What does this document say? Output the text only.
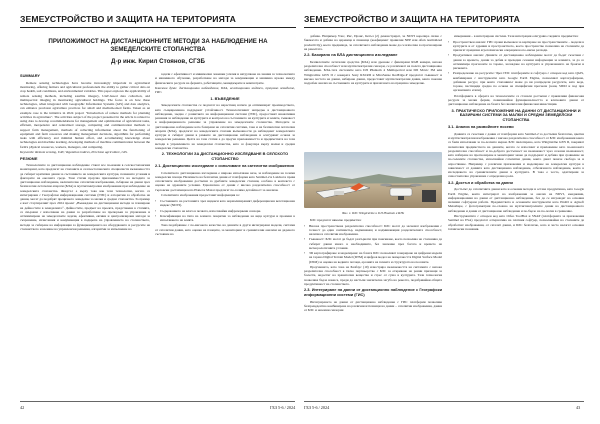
ЗЕМЕУСТРОЙСТВО И ЗАЩИТА НА ТЕРИТОРИЯТА
ПРИЛОЖИМОСТ НА ДИСТАНЦИОННИТЕ МЕТОДИ ЗА НАБЛЮДЕНИЕ НА
ЗЕМЕДЕЛСКИТЕ СТОПАНСТВА
Д-р инж. Кирил Стоянов, СГЗБ
SUMMARY

Remote sensing technologies have become increasingly important in agricultural monitoring, offering farmers and agricultural professionals the ability to gather critical data on crop health, soil conditions, and environmental variables. This paper explores the applicability of remote sensing methods, including satellite imagery, UAV-based data collection, and multispectral imaging in monitoring agricultural holdings. The focus is on how these technologies, when integrated with Geographic Information Systems (GIS) and data analytics, can enhance precision agriculture practices for small and medium-sized farms. Taken as an example case is the initiative in 2024 project "Introduction of remote methods for planning activities in agriculture". The activities subject of the project presented in the article is related to using data to develop recommendations for management and optimization of agricultural tasks, efficient, inexpensive and centralized storage, computing and communication methods to support farm management, methods of collecting information about the functioning of equipment and farm resources and making management decisions, algorithms for performing tasks with efficiency and minimal human effort, and accumulating knowledge about technologies and machine learning, developing methods of machine communication between the farm's physical resources, workers, managers, and computing.

Keywords: Remote sensing, UAV, Vegetation indices, Precision agriculture, GIS.

РЕЗЮМЕ

Технологиите за дистанционно наблюдение стават все по-важни в селскостопанския мониторинг, като предлагат на стопаните и селскостопанските специалисти възможността да събират критични данни за състоянието на земеделските култури, почвените условия и факторите на околната среда. Тази статия проучва приложимостта на методите за дистанционно наблюдение, включително сателитни изображения, събиране на данни чрез безпилотни летателни апарати (БЛА) и мултиспектрални изображения при наблюдение на земеделските стопанства. Фокусът е върху това как тези технологии, когато са интегрирани с Географски информационни системи (ГИС) и алгоритми за обработка на данни, могат да подобрят прецизното земеделие за малки и средни стопанства. За пример е взет стартиралият през 2024 проект „Въвеждане на дистанционни методи за планиране на дейностите в земеделието“. Дейностите, предмет на проекта, представени в статията, са свързани с използване на данни за разработване на препоръки за управление и оптимизиране на земеделските задачи, ефективни, евтини и централизирани методи за съхранение, изчисления и комуникация в подкрепа на управлението на стопанството, методи за събиране на информация за функционирането на оборудването и ресурсите на стопанството и вземане на управленски решения, алгоритми за изпълнение на

задачи с ефективност и минимални човешки усилия и натрупване на знания за технологиите и машинното обучение, разработване на методи за комуникация и машинна връзка между физическите ресурси на фермата, работниците, мениджърите и компютрите.

Ключови думи: дистанционно наблюдение, БЛА, вегетационни индекси, прецизно земеделие, ГИС.

1. ВЪВЕДЕНИЕ

Земеделските стопанства се подлагат на нарастващ натиск да оптимизират производството, като същевременно поддържат устойчивост. Технологичният напредък в дистанционното наблюдение, заедно с развитието на информационни системи (ГИС), предоставят иновативни решения за наблюдение на културите и контрола на състоянието на културите и земите, гъвкавост в информационното решение за управление на земеделските стопанства. Методите за дистанционно наблюдение като базирани на сателитни системи, така и на безпилотни летателни апарати (БЛА), предлагат на земеделските стопани възможности да наблюдават земеделските култури и събират данни в рамките на дистанционно наблюдение и осигуряват основа за земеделски решения. Целта на тази статия е да проучи приложимостта и предимствата на тези методи в управлението на земеделски стопанства, като се фокусира върху малки и средни земеделски стопанства.

2. ТЕХНОЛОГИИ ЗА ДИСТАНЦИОННО ИЗСЛЕДВАНЕ В СЕЛСКОТО СТОПАНСТВО
2.1. Дистанционно изследване с използване на сателитни изображения

Сателитното дистанционно изследване е широко използвано вече, за наблюдение на големи земеделски площи. Наличието на безплатни данни от платформи като Sentinel-2 и Landsat в правя сателитните изображения достъпни за дребните земеделски стопани, особено в контекста с оценка на здравните условия. Еднозначно от данни с висока разделителна способност от търговски доставчици като Planet и Maxar предлагат по-голяма детайлност за анализи.

Сателитните изображения предоставят информация за:

• Състоянието на растенията чрез индекси като нормализираният диференциален вегетационен индекс (NDVI).
• Съдържанието на влага в почвата, използвайки инфрачервени сензори.
• Класификация на типа на земното покритие за наблюдение на вида култури и промени в използването на земята.

Това подобряване с по-високото качество на данните в други интегрирани модели, системи от сателитни данни, като оценка на площите, за мониторинг и сравнителни анализи на даденото състояние на

42	ГБЗ 5-6 / 2024
ЗЕМЕУСТРОЙСТВО И ЗАЩИТА НА ТЕРИТОРИЯТА

добива. Например Улас, Рис, Праис, Кетъл (2) демонстрират, че NDVI корелира силно с биомасата и добива на царевица и пшеница (коефициент правилни NPP или often normalized productivity), което предвижда, че сателитното наблюдение може да се използва за прогнозиране на реколтата.

2.2. Базирано на БЛА дистанционно изследване

Безпилотните летателни средства (БЛА) или дронове с фиксирани RGB камери, висока разделителна способност или мултиспектрални сензори, се различават на полета дистанционно наблюдение. БЛА-тата системите като DJI Phantom 4 Multispectral или DJI Mavic 3M или WingtraOne GEN II с камерата Sony RX1RII и MicaSense RedEdge-P предлагат гъвкавост и висока честота на данни, набиране данни, предоставят мултиспектрални данни, както показва подробен анализ на състоянието на културите и прилагането на прецизно земеделие.

Фиг. 1. БЛС WingtraOne и DJI Phantom 4 RTK

БЛС предлагат няколко предимства:

• Висока пространствена разделителна способност: БЛС могат да заснемат изображения с точност до един сантиметър, надминаващ и надминаващия разделителната способност, налична в сателитни изображения.
• Гъвкавост: БЛС могат да бъдат разгърнати при поискване, което позволява на стопанина да събират данни много в необходимите, без значение през богато и времето на метеорологичните условия.
• 3D картографиране и моделиране: на базата БЛС позволяват генериране на цифрови модели на терена Digital Terrain Model (DTM) и цифров модел на повърхността Digital Surface Model (DSM) за оценка на водните потоци, ерозията на почвата и структурата на посевите.

Проучването, като това на Баабаус (10) илюстрира възможността на системите с висока разделителна способност в тясно партньорство с БЛС за откриване на ранни признаци за болести, недостиг на хранителни вещества и стрес от суша в културите. Тази технология позволява бърза намеса, преди да настъпи значителна загуба на реколта, подобрявайки общата продуктивност на стопанството.

2.3. Интегриране на данни от дистанционно наблюдение с Географски информационни системи (ГИС)

Интегрирането на данни от дистанционно наблюдение с ГИС платформи позволява безпрецедентно комбиниране на различни източници на данни – сателитни изображения, данни от БЛС и наземни сензорни

измервания – в интегрирана система. Тези интеграция осигурява следните предимства:

• Пространствен анализ: ГИС прави възможен за картиране на пространствените – модели в културите и от здравни и пространството, което пространство позволява на стопаните да прилагат прецизни агротехнически операции на по-ниска разходи.
• Продуктивен анализ: Данните от дистанционно наблюдение могат да бъдат съчетани с данни за времето, данни за добив и преходни сезонни информация за климата, за да се оптимизира прогнозите за торене, засаждане на културата и управлението на броячи и рисковете.
• Разпределение на ресурсите: Чрез ГИС платформите и софтуера с отворен код като QGIS, комбинирани с инструменти като Google Earth Engine, позволяват картографиране, добиване ресурс, при които стопанинът може да ви разпредели ресурсите, като вода, торове, пестициди средно по основа на специфични прогнози (зони, SIDO и под при органичните етапи).

Платформите в сферата на технологиите са станали достъпни с приемливи финансови ресурси за малки ферми, повишавайки функционалността и ключовите данни от дистанционно наблюдение на базата без значителни финансови инвестиции.

3. ПРАКТИЧЕСКО ПРИЛОЖЕНИЕ НА ДАННИ ОТ ДИСТАНЦИОННИ И БАЗИРАНИ СИСТЕМИ ЗА МАЛКИ И СРЕДНИ ЗЕМЕДЕЛСКИ СТОПАНСТВА
3.1. Анализ на развойните посеви

Данните са съчетани с данни от платформи като Sentinel-2 за достъпни безплатно, цветни и мултиспектрални изображения с висока разделителна способност от БЛС изображения както са били използвани за по-лесните мерки. БЛС пилотирано, като WingtraOne GEN II, покриват значителни предимството на данните, когато се използват и приложение като по-високата разделителна способност и по-добрата достъпност на възможност чрез сезонна възможност, като набиране на прогнозиране и мониторинг може да поддържат и добива при сравнение на по-големите стопанства, използвайки сателитни данни, които дават повече свобода за и опростяване. Например с различни приложения и моделиране на земеделски култури в зависимост от данните като дистанционна наблюдение, отбелязаното наблюдение, които в изследването на сравнителните данни в културите. В това е често, адаптирани за самостоятелно управление с определена роля.

3.2. Достъп и обработка на данни

Достъпът до сателитните данни като и основни методи и остава продуктивно, като Google Earth Engine, които интегрират на изображения за анализ на NDVI, ежедневни, информационния на данни от дистанционно наблюдение, без да се изграждат на основни значими софтуерни работи. Предимствата и основните инструменти като Pix4D и Agisoft Metashape, с фотограметрия по-сложно на мултиспектралните данни на дистанционното наблюдение и данни от дистанционно наблюдение и по-бързо на по-лесни в сравнение.

Инструментите с отворен код като Orfeo ToolBox и SNAP (платформата за приложения Sentinel на ESA) предлагат алтернатива на платния софтуер, позволявайки на стопаните да обработват изображения, от сателит данни, и БЛС безплатно, като и често налагат основни технически познания.

ГБЗ 5-6 / 2024	43
